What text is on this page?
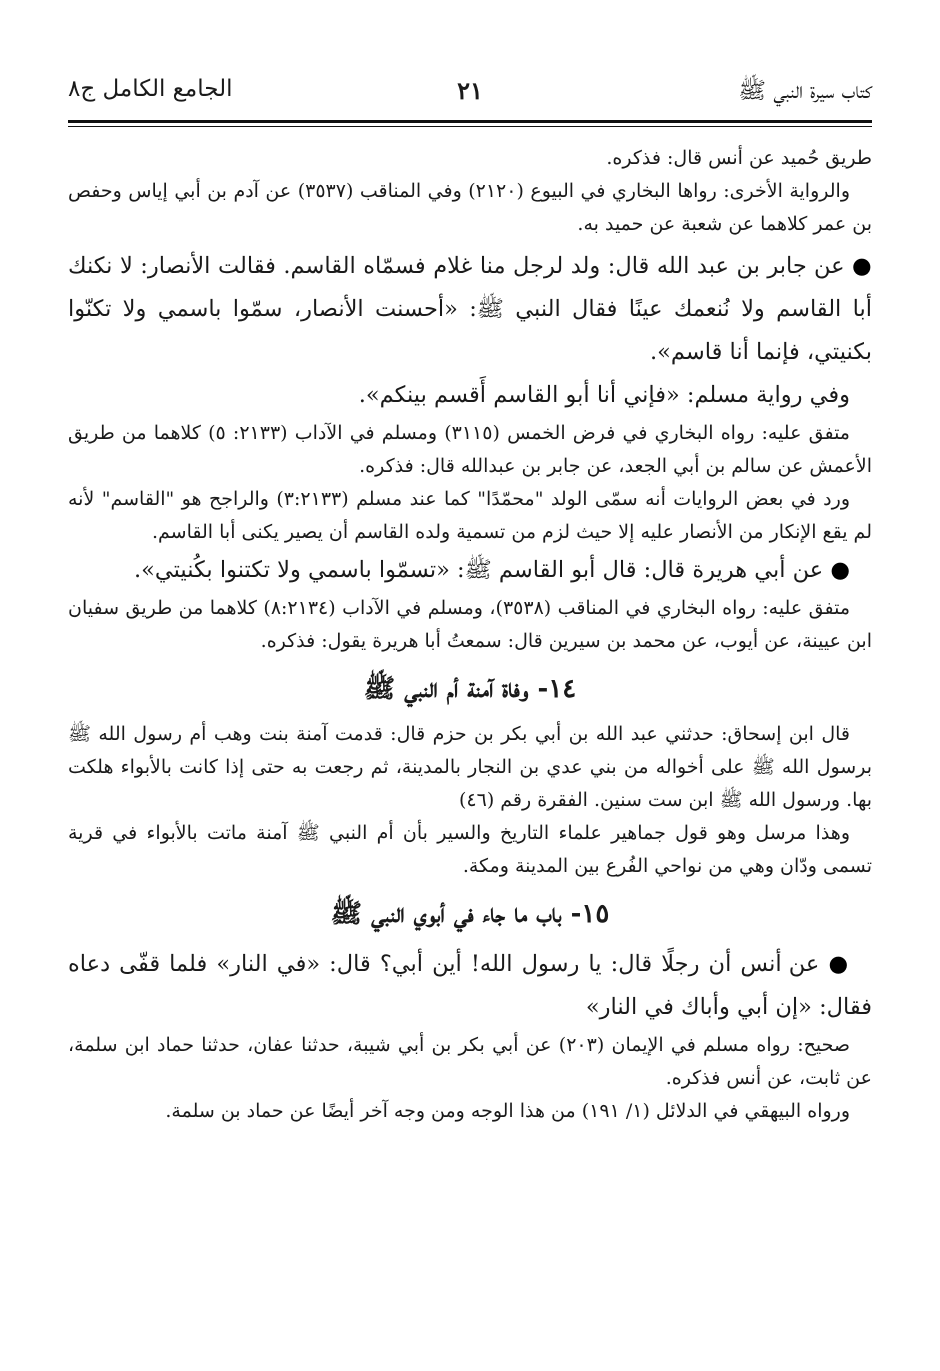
كتاب سيرة النبي ﷺ
٢١
الجامع الكامل ج٨

طريق حُميد عن أنس قال: فذكره.

والرواية الأخرى: رواها البخاري في البيوع (٢١٢٠) وفي المناقب (٣٥٣٧) عن آدم بن أبي إياس وحفص بن عمر كلاهما عن شعبة عن حميد به.

● عن جابر بن عبد الله قال: ولد لرجل منا غلام فسمّاه القاسم. فقالت الأنصار: لا نكنك أبا القاسم ولا نُنعمك عينًا فقال النبي ﷺ: «أحسنت الأنصار، سمّوا باسمي ولا تكنّوا بكنيتي، فإنما أنا قاسم».

وفي رواية مسلم: «فإني أنا أبو القاسم أَقسم بينكم».

متفق عليه: رواه البخاري في فرض الخمس (٣١١٥) ومسلم في الآداب (٢١٣٣: ٥) كلاهما من طريق الأعمش عن سالم بن أبي الجعد، عن جابر بن عبدالله قال: فذكره.

ورد في بعض الروايات أنه سمّى الولد "محمّدًا" كما عند مسلم (٣:٢١٣٣) والراجح هو "القاسم" لأنه لم يقع الإنكار من الأنصار عليه إلا حيث لزم من تسمية ولده القاسم أن يصير يكنى أبا القاسم.

● عن أبي هريرة قال: قال أبو القاسم ﷺ: «تسمّوا باسمي ولا تكتنوا بكُنيتي».

متفق عليه: رواه البخاري في المناقب (٣٥٣٨)، ومسلم في الآداب (٨:٢١٣٤) كلاهما من طريق سفيان ابن عيينة، عن أيوب، عن محمد بن سيرين قال: سمعتُ أبا هريرة يقول: فذكره.

١٤- وفاة آمنة أم النبي ﷺ

قال ابن إسحاق: حدثني عبد الله بن أبي بكر بن حزم قال: قدمت آمنة بنت وهب أم رسول الله ﷺ برسول الله ﷺ على أخواله من بني عدي بن النجار بالمدينة، ثم رجعت به حتى إذا كانت بالأبواء هلكت بها. ورسول الله ﷺ ابن ست سنين. الفقرة رقم (٤٦)

وهذا مرسل وهو قول جماهير علماء التاريخ والسير بأن أم النبي ﷺ آمنة ماتت بالأبواء في قرية تسمى ودّان وهي من نواحي الفُرع بين المدينة ومكة.

١٥- باب ما جاء في أبوي النبي ﷺ

● عن أنس أن رجلًا قال: يا رسول الله! أين أبي؟ قال: «في النار» فلما قفّى دعاه فقال: «إن أبي وأباك في النار»

صحيح: رواه مسلم في الإيمان (٢٠٣) عن أبي بكر بن أبي شيبة، حدثنا عفان، حدثنا حماد ابن سلمة، عن ثابت، عن أنس فذكره.

ورواه البيهقي في الدلائل (١/ ١٩١) من هذا الوجه ومن وجه آخر أيضًا عن حماد بن سلمة.
